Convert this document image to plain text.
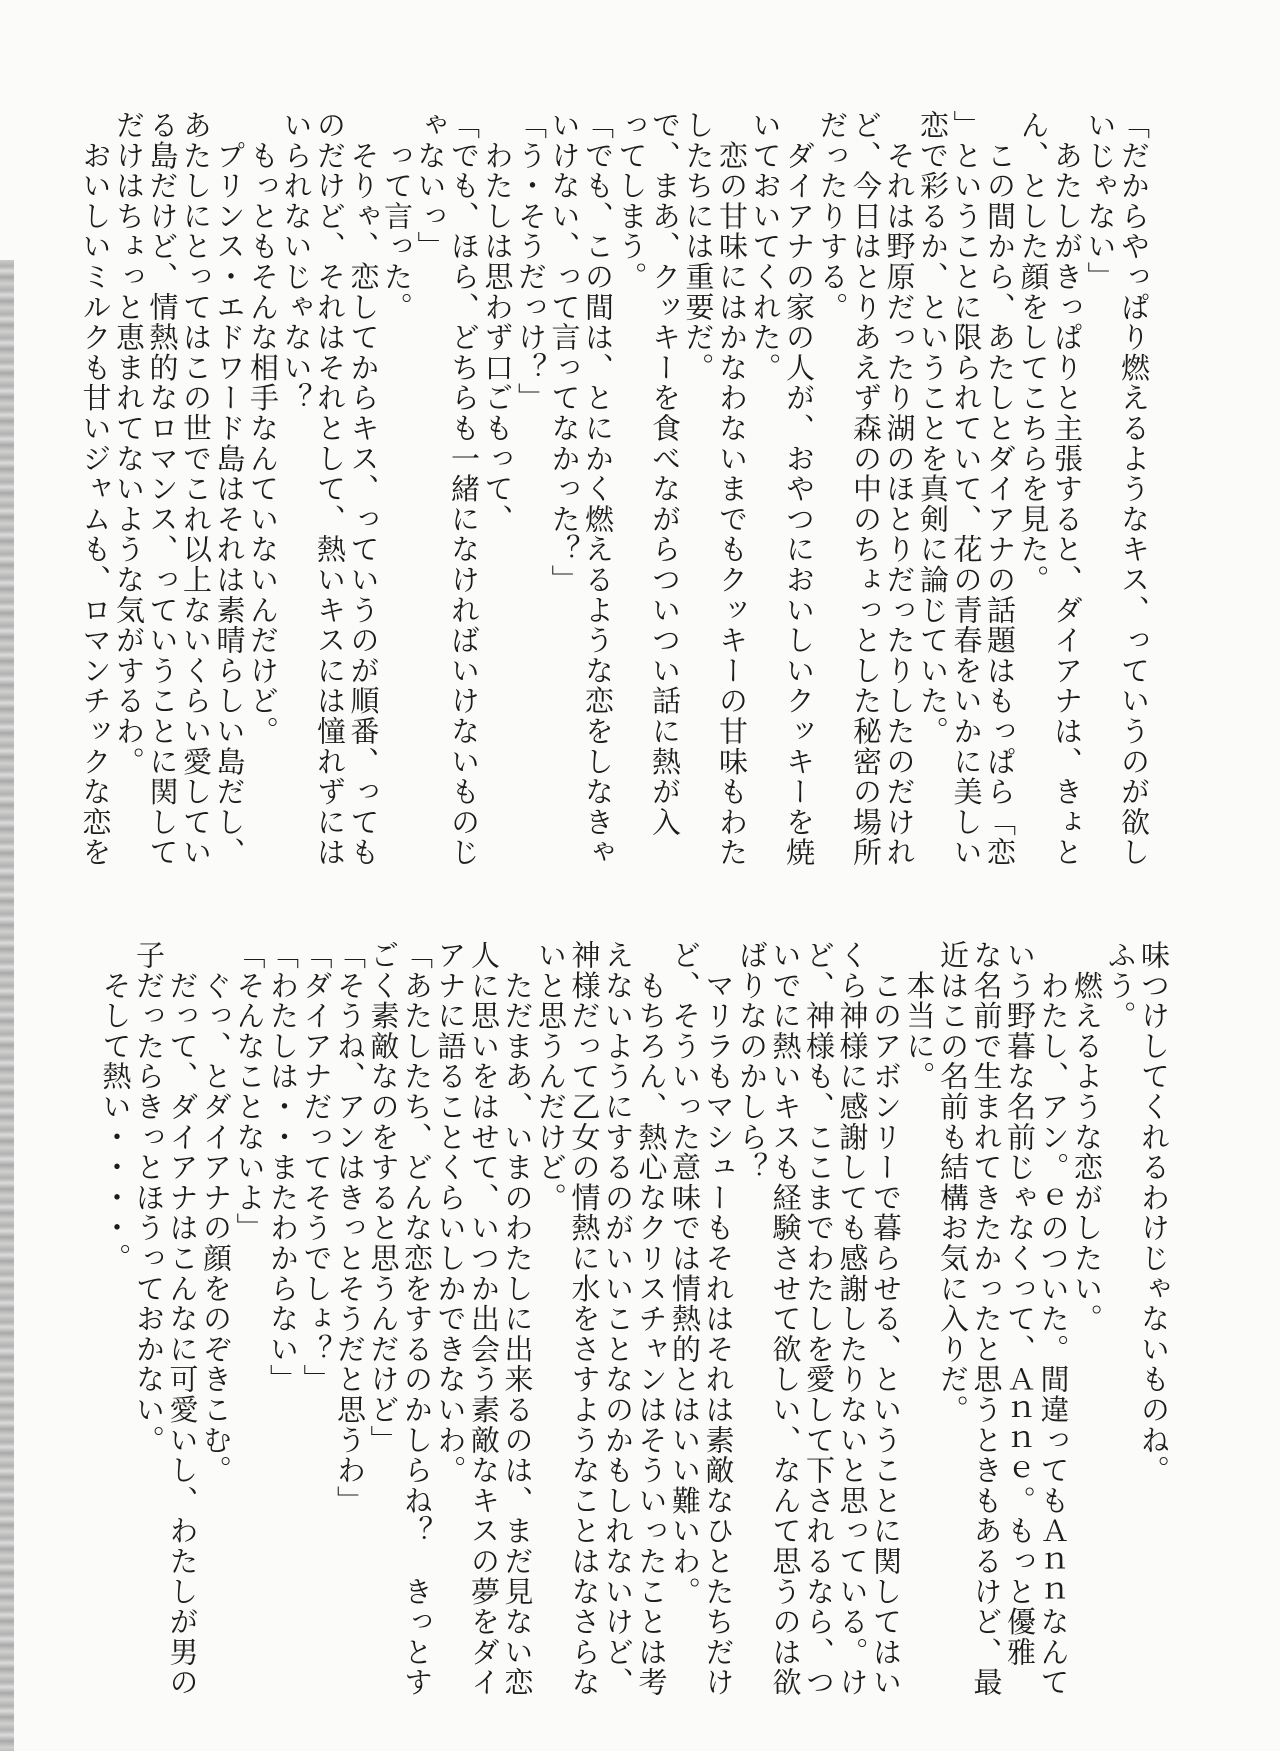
「だからやっぱり燃えるようなキス、っていうのが欲し
いじゃない」
　あたしがきっぱりと主張すると、ダイアナは、きょと
ん、とした顔をしてこちらを見た。
　この間から、あたしとダイアナの話題はもっぱら「恋
」ということに限られていて、花の青春をいかに美しい
恋で彩るか、ということを真剣に論じていた。
　それは野原だったり湖のほとりだったりしたのだけれ
ど、今日はとりあえず森の中のちょっとした秘密の場所
だったりする。
　ダイアナの家の人が、おやつにおいしいクッキーを焼
いておいてくれた。
　恋の甘味にはかなわないまでもクッキーの甘味もわた
したちには重要だ。
で、まあ、クッキーを食べながらついつい話に熱が入
ってしまう。
「でも、この間は、とにかく燃えるような恋をしなきゃ
いけない、って言ってなかった？」
「う・そうだっけ？」
　わたしは思わず口ごもって、
「でも、ほら、どちらも一緒になければいけないものじ
ゃないっ」
　って言った。
　そりゃ、恋してからキス、っていうのが順番、っても
のだけど、それはそれとして、熱いキスには憧れずには
いられないじゃない？
　もっともそんな相手なんていないんだけど。
　プリンス・エドワード島はそれは素晴らしい島だし、
あたしにとってはこの世でこれ以上ないくらい愛してい
る島だけど、情熱的なロマンス、っていうことに関して
だけはちょっと恵まれてないような気がするわ。
　おいしいミルクも甘いジャムも、ロマンチックな恋を
味つけしてくれるわけじゃないものね。
ふう。
　燃えるような恋がしたい。
　わたし、アン。ｅのついた。間違ってもＡｎｎなんて
いう野暮な名前じゃなくって、Ａｎｎｅ。もっと優雅
な名前で生まれてきたかったと思うときもあるけど、最
近はこの名前も結構お気に入りだ。
　本当に。
　このアボンリーで暮らせる、ということに関してはい
くら神様に感謝しても感謝したりないと思っている。け
ど、神様も、ここまでわたしを愛して下されるなら、つ
いでに熱いキスも経験させて欲しい、なんて思うのは欲
ばりなのかしら？
　マリラもマシューもそれはそれは素敵なひとたちだけ
ど、そういった意味では情熱的とはいい難いわ。
　もちろん、熱心なクリスチャンはそういったことは考
えないようにするのがいいことなのかもしれないけど、
神様だって乙女の情熱に水をさすようなことはなさらな
いと思うんだけど。
　ただまあ、いまのわたしに出来るのは、まだ見ない恋
人に思いをはせて、いつか出会う素敵なキスの夢をダイ
アナに語ることくらいしかできないわ。
「あたしたち、どんな恋をするのかしらね？　きっとす
ごく素敵なのをすると思うんだけど」
「そうね、アンはきっとそうだと思うわ」
「ダイアナだってそうでしょ？」
「わたしは・・またわからない」
「そんなことないよ」
　ぐっ、とダイアナの顔をのぞきこむ。
　だって、ダイアナはこんなに可愛いし、わたしが男の
子だったらきっとほうっておかない。
　そして熱い・・・・。
